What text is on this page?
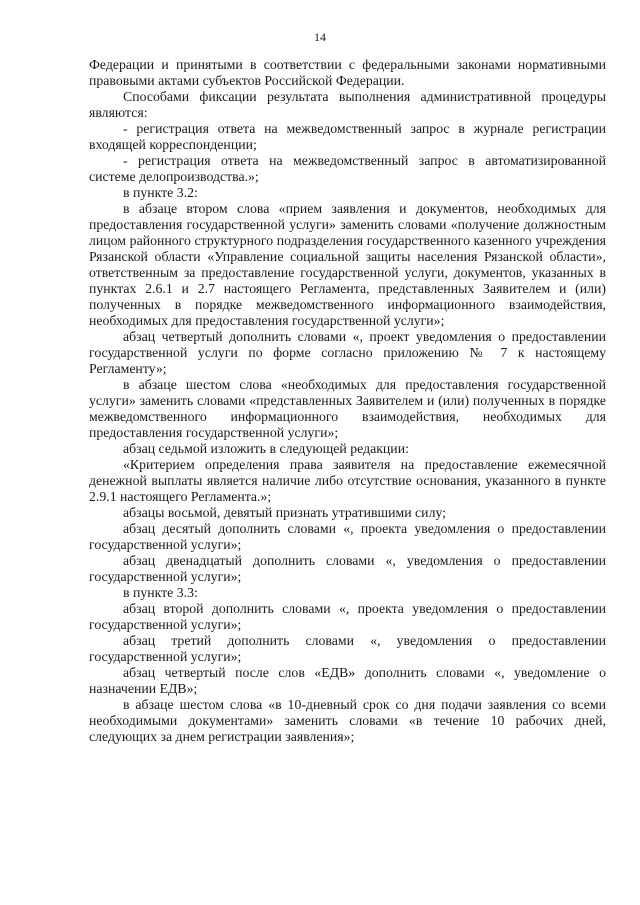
14

Федерации и принятыми в соответствии с федеральными законами нормативными правовыми актами субъектов Российской Федерации.

Способами фиксации результата выполнения административной процедуры являются:

- регистрация ответа на межведомственный запрос в журнале регистрации входящей корреспонденции;

- регистрация ответа на межведомственный запрос в автоматизированной системе делопроизводства.»;

в пункте 3.2:

в абзаце втором слова «прием заявления и документов, необходимых для предоставления государственной услуги» заменить словами «получение должностным лицом районного структурного подразделения государственного казенного учреждения Рязанской области «Управление социальной защиты населения Рязанской области», ответственным за предоставление государственной услуги, документов, указанных в пунктах 2.6.1 и 2.7 настоящего Регламента, представленных Заявителем и (или) полученных в порядке межведомственного информационного взаимодействия, необходимых для предоставления государственной услуги»;

абзац четвертый дополнить словами «, проект уведомления о предоставлении государственной услуги по форме согласно приложению № 7 к настоящему Регламенту»;

в абзаце шестом слова «необходимых для предоставления государственной услуги» заменить словами «представленных Заявителем и (или) полученных в порядке межведомственного информационного взаимодействия, необходимых для предоставления государственной услуги»;

абзац седьмой изложить в следующей редакции:

«Критерием определения права заявителя на предоставление ежемесячной денежной выплаты является наличие либо отсутствие основания, указанного в пункте 2.9.1 настоящего Регламента.»;

абзацы восьмой, девятый признать утратившими силу;

абзац десятый дополнить словами «, проекта уведомления о предоставлении государственной услуги»;

абзац двенадцатый дополнить словами «, уведомления о предоставлении государственной услуги»;

в пункте 3.3:

абзац второй дополнить словами «, проекта уведомления о предоставлении государственной услуги»;

абзац третий дополнить словами «, уведомления о предоставлении государственной услуги»;

абзац четвертый после слов «ЕДВ» дополнить словами «, уведомление о назначении ЕДВ»;

в абзаце шестом слова «в 10-дневный срок со дня подачи заявления со всеми необходимыми документами» заменить словами «в течение 10 рабочих дней, следующих за днем регистрации заявления»;
